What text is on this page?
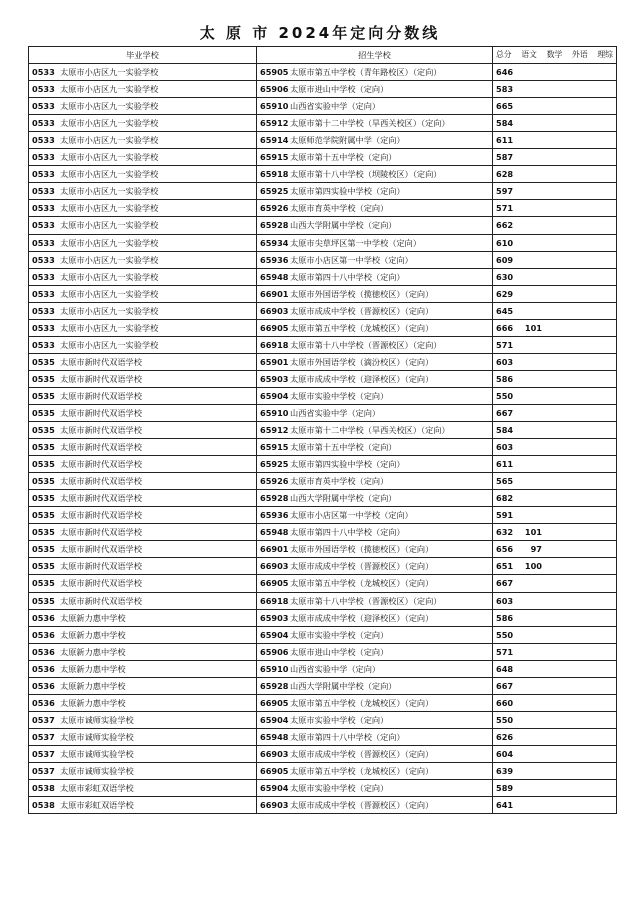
太 原 市 2024年定向分数线
毕业学校	招生学校	总分 语文 数学 外语 理综

0533 太原市小店区九一实验学校	65905 太原市第五中学校（青年路校区）（定向）	646

0533 太原市小店区九一实验学校	65906 太原市进山中学校（定向）	583

0533 太原市小店区九一实验学校	65910 山西省实验中学（定向）	665

0533 太原市小店区九一实验学校	65912 太原市第十二中学校（旱西关校区）（定向）	584

0533 太原市小店区九一实验学校	65914 太原师范学院附属中学（定向）	611

0533 太原市小店区九一实验学校	65915 太原市第十五中学校（定向）	587

0533 太原市小店区九一实验学校	65918 太原市第十八中学校（坝陵校区）（定向）	628

0533 太原市小店区九一实验学校	65925 太原市第四实验中学校（定向）	597

0533 太原市小店区九一实验学校	65926 太原市育英中学校（定向）	571

0533 太原市小店区九一实验学校	65928 山西大学附属中学校（定向）	662

0533 太原市小店区九一实验学校	65934 太原市尖草坪区第一中学校（定向）	610

0533 太原市小店区九一实验学校	65936 太原市小店区第一中学校（定向）	609

0533 太原市小店区九一实验学校	65948 太原市第四十八中学校（定向）	630

0533 太原市小店区九一实验学校	66901 太原市外国语学校（揽徳校区）（定向）	629

0533 太原市小店区九一实验学校	66903 太原市成成中学校（晋源校区）（定向）	645

0533 太原市小店区九一实验学校	66905 太原市第五中学校（龙城校区）（定向）	666 101

0533 太原市小店区九一实验学校	66918 太原市第十八中学校（晋源校区）（定向）	571

0535 太原市新时代双语学校	65901 太原市外国语学校（滴汾校区）（定向）	603

0535 太原市新时代双语学校	65903 太原市成成中学校（迎泽校区）（定向）	586

0535 太原市新时代双语学校	65904 太原市实验中学校（定向）	550

0535 太原市新时代双语学校	65910 山西省实验中学（定向）	667

0535 太原市新时代双语学校	65912 太原市第十二中学校（旱西关校区）（定向）	584

0535 太原市新时代双语学校	65915 太原市第十五中学校（定向）	603

0535 太原市新时代双语学校	65925 太原市第四实验中学校（定向）	611

0535 太原市新时代双语学校	65926 太原市育英中学校（定向）	565

0535 太原市新时代双语学校	65928 山西大学附属中学校（定向）	682

0535 太原市新时代双语学校	65936 太原市小店区第一中学校（定向）	591

0535 太原市新时代双语学校	65948 太原市第四十八中学校（定向）	632 101

0535 太原市新时代双语学校	66901 太原市外国语学校（揽徳校区）（定向）	656 97

0535 太原市新时代双语学校	66903 太原市成成中学校（晋源校区）（定向）	651 100

0535 太原市新时代双语学校	66905 太原市第五中学校（龙城校区）（定向）	667

0535 太原市新时代双语学校	66918 太原市第十八中学校（晋源校区）（定向）	603

0536 太原新力惠中学校	65903 太原市成成中学校（迎泽校区）（定向）	586

0536 太原新力惠中学校	65904 太原市实验中学校（定向）	550

0536 太原新力惠中学校	65906 太原市进山中学校（定向）	571

0536 太原新力惠中学校	65910 山西省实验中学（定向）	648

0536 太原新力惠中学校	65928 山西大学附属中学校（定向）	667

0536 太原新力惠中学校	66905 太原市第五中学校（龙城校区）（定向）	660

0537 太原市诚师实验学校	65904 太原市实验中学校（定向）	550

0537 太原市诚师实验学校	65948 太原市第四十八中学校（定向）	626

0537 太原市诚师实验学校	66903 太原市成成中学校（晋源校区）（定向）	604

0537 太原市诚师实验学校	66905 太原市第五中学校（龙城校区）（定向）	639

0538 太原市彩虹双语学校	65904 太原市实验中学校（定向）	589

0538 太原市彩虹双语学校	66903 太原市成成中学校（晋源校区）（定向）	641
